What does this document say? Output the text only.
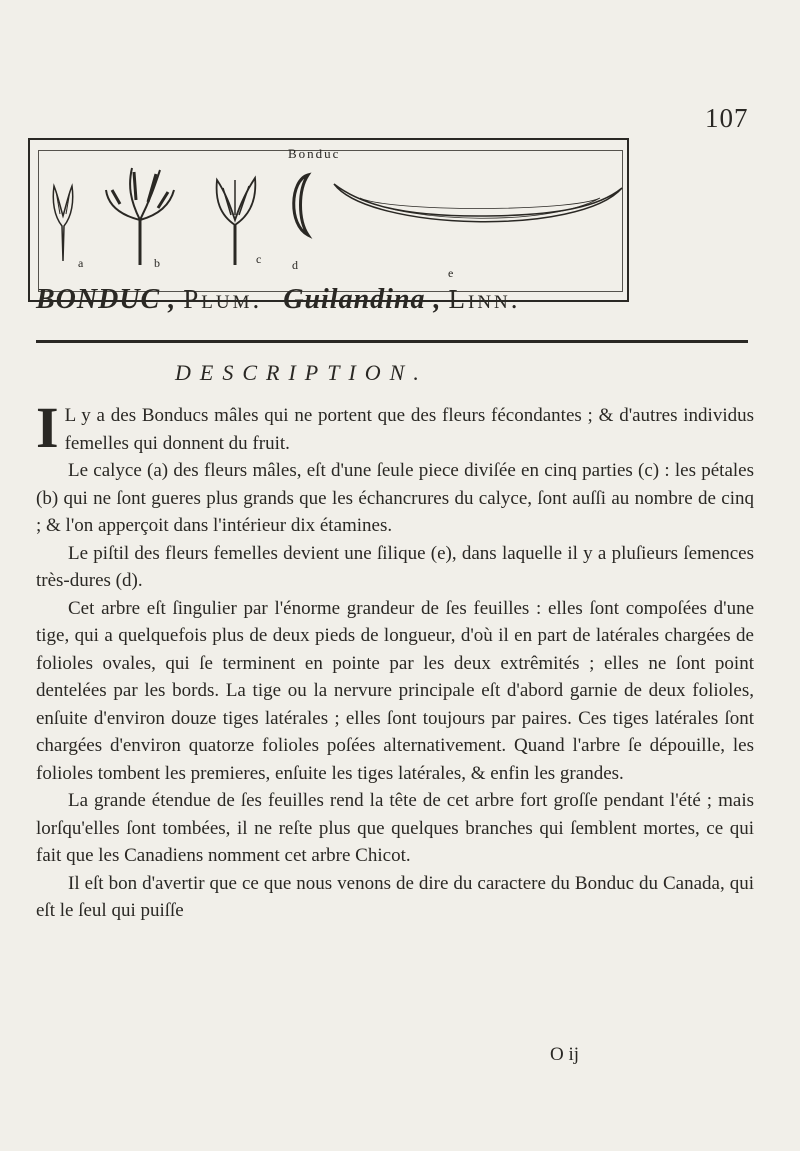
107
Bonduc
a	b	c	d
e
BONDUC , Plum. Guilandina , Linn.
DESCRIPTION.

I L y a des Bonducs mâles qui ne portent que des fleurs fécondantes ; & d'autres individus femelles qui donnent du fruit.

Le calyce (a) des fleurs mâles, eſt d'une ſeule piece diviſée en cinq parties (c) : les pétales (b) qui ne ſont gueres plus grands que les échancrures du calyce, ſont auſſi au nombre de cinq ; & l'on apperçoit dans l'intérieur dix étamines.

Le piſtil des fleurs femelles devient une ſilique (e), dans laquelle il y a pluſieurs ſemences très-dures (d).

Cet arbre eſt ſingulier par l'énorme grandeur de ſes feuilles : elles ſont compoſées d'une tige, qui a quelquefois plus de deux pieds de longueur, d'où il en part de latérales chargées de folioles ovales, qui ſe terminent en pointe par les deux extrêmités ; elles ne ſont point dentelées par les bords. La tige ou la nervure principale eſt d'abord garnie de deux folioles, enſuite d'environ douze tiges latérales ; elles ſont toujours par paires. Ces tiges latérales ſont chargées d'environ quatorze folioles poſées alternativement. Quand l'arbre ſe dépouille, les folioles tombent les premieres, enſuite les tiges latérales, & enfin les grandes.

La grande étendue de ſes feuilles rend la tête de cet arbre fort groſſe pendant l'été ; mais lorſqu'elles ſont tombées, il ne reſte plus que quelques branches qui ſemblent mortes, ce qui fait que les Canadiens nomment cet arbre Chicot.

Il eſt bon d'avertir que ce que nous venons de dire du caractere du Bonduc du Canada, qui eſt le ſeul qui puiſſe

O ij
